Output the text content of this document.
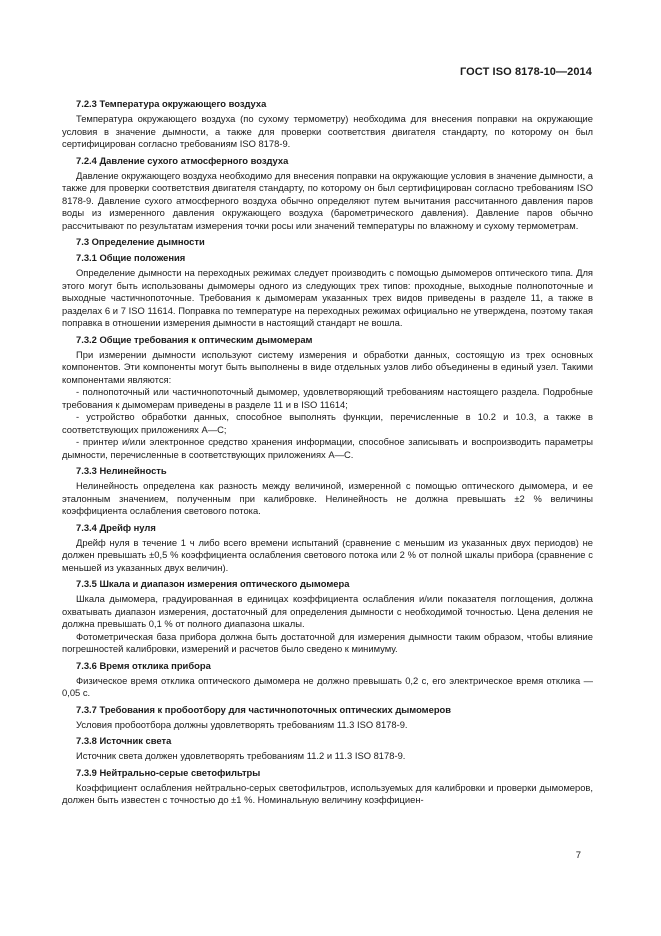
ГОСТ ISO 8178-10—2014
7.2.3 Температура окружающего воздуха

Температура окружающего воздуха (по сухому термометру) необходима для внесения поправки на окружающие условия в значение дымности, а также для проверки соответствия двигателя стандарту, по которому он был сертифицирован согласно требованиям ISO 8178-9.

7.2.4 Давление сухого атмосферного воздуха

Давление окружающего воздуха необходимо для внесения поправки на окружающие условия в значение дымности, а также для проверки соответствия двигателя стандарту, по которому он был сертифицирован согласно требованиям ISO 8178-9. Давление сухого атмосферного воздуха обычно определяют путем вычитания рассчитанного давления паров воды из измеренного давления окружающего воздуха (барометрического давления). Давление паров обычно рассчитывают по результатам измерения точки росы или значений температуры по влажному и сухому термометрам.

7.3 Определение дымности
7.3.1 Общие положения

Определение дымности на переходных режимах следует производить с помощью дымомеров оптического типа. Для этого могут быть использованы дымомеры одного из следующих трех типов: проходные, выходные полнопоточные и выходные частичнопоточные. Требования к дымомерам указанных трех видов приведены в разделе 11, а также в разделах 6 и 7 ISO 11614. Поправка по температуре на переходных режимах официально не утверждена, поэтому такая поправка в отношении измерения дымности в настоящий стандарт не вошла.

7.3.2 Общие требования к оптическим дымомерам

При измерении дымности используют систему измерения и обработки данных, состоящую из трех основных компонентов. Эти компоненты могут быть выполнены в виде отдельных узлов либо объединены в единый узел. Такими компонентами являются:

- полнопоточный или частичнопоточный дымомер, удовлетворяющий требованиям настоящего раздела. Подробные требования к дымомерам приведены в разделе 11 и в ISO 11614;

- устройство обработки данных, способное выполнять функции, перечисленные в 10.2 и 10.3, а также в соответствующих приложениях А—С;

- принтер и/или электронное средство хранения информации, способное записывать и воспроизводить параметры дымности, перечисленные в соответствующих приложениях А—С.

7.3.3 Нелинейность

Нелинейность определена как разность между величиной, измеренной с помощью оптического дымомера, и ее эталонным значением, полученным при калибровке. Нелинейность не должна превышать ±2 % величины коэффициента ослабления светового потока.

7.3.4 Дрейф нуля

Дрейф нуля в течение 1 ч либо всего времени испытаний (сравнение с меньшим из указанных двух периодов) не должен превышать ±0,5 % коэффициента ослабления светового потока или 2 % от полной шкалы прибора (сравнение с меньшей из указанных двух величин).

7.3.5 Шкала и диапазон измерения оптического дымомера

Шкала дымомера, градуированная в единицах коэффициента ослабления и/или показателя поглощения, должна охватывать диапазон измерения, достаточный для определения дымности с необходимой точностью. Цена деления не должна превышать 0,1 % от полного диапазона шкалы.

Фотометрическая база прибора должна быть достаточной для измерения дымности таким образом, чтобы влияние погрешностей калибровки, измерений и расчетов было сведено к минимуму.

7.3.6 Время отклика прибора

Физическое время отклика оптического дымомера не должно превышать 0,2 с, его электрическое время отклика — 0,05 с.

7.3.7 Требования к пробоотбору для частичнопоточных оптических дымомеров

Условия пробоотбора должны удовлетворять требованиям 11.3 ISO 8178-9.

7.3.8 Источник света

Источник света должен удовлетворять требованиям 11.2 и 11.3 ISO 8178-9.

7.3.9 Нейтрально-серые светофильтры

Коэффициент ослабления нейтрально-серых светофильтров, используемых для калибровки и проверки дымомеров, должен быть известен с точностью до ±1 %. Номинальную величину коэффициен-

7
